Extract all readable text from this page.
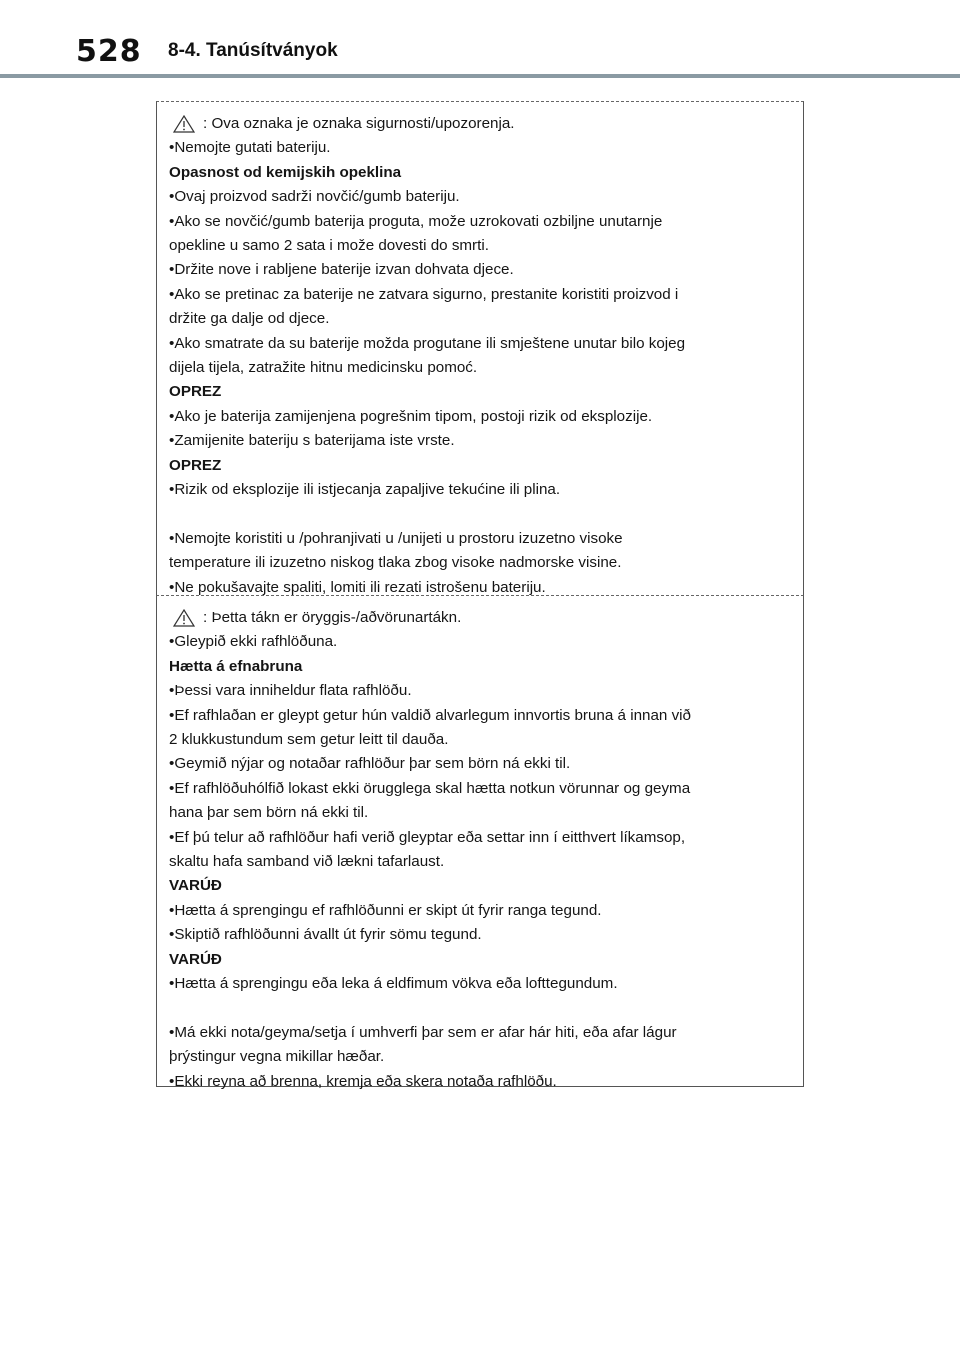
528 8-4. Tanúsítványok
: Ova oznaka je oznaka sigurnosti/upozorenja.
•Nemojte gutati bateriju.
Opasnost od kemijskih opeklina
•Ovaj proizvod sadrži novčić/gumb bateriju.
•Ako se novčić/gumb baterija proguta, može uzrokovati ozbiljne unutarnje
opekline u samo 2 sata i može dovesti do smrti.
•Držite nove i rabljene baterije izvan dohvata djece.
•Ako se pretinac za baterije ne zatvara sigurno, prestanite koristiti proizvod i
držite ga dalje od djece.
•Ako smatrate da su baterije možda progutane ili smještene unutar bilo kojeg
dijela tijela, zatražite hitnu medicinsku pomoć.
OPREZ
•Ako je baterija zamijenjena pogrešnim tipom, postoji rizik od eksplozije.
•Zamijenite bateriju s baterijama iste vrste.
OPREZ
•Rizik od eksplozije ili istjecanja zapaljive tekućine ili plina.
•Nemojte koristiti u /pohranjivati u /unijeti u prostoru izuzetno visoke
temperature ili izuzetno niskog tlaka zbog visoke nadmorske visine.
•Ne pokušavajte spaliti, lomiti ili rezati istrošenu bateriju.
: Þetta tákn er öryggis-/aðvörunartákn.
•Gleypið ekki rafhlöðuna.
Hætta á efnabruna
•Þessi vara inniheldur flata rafhlöðu.
•Ef rafhlaðan er gleypt getur hún valdið alvarlegum innvortis bruna á innan við
2 klukkustundum sem getur leitt til dauða.
•Geymið nýjar og notaðar rafhlöður þar sem börn ná ekki til.
•Ef rafhlöðuhólfið lokast ekki örugglega skal hætta notkun vörunnar og geyma
hana þar sem börn ná ekki til.
•Ef þú telur að rafhlöður hafi verið gleyptar eða settar inn í eitthvert líkamsop,
skaltu hafa samband við lækni tafarlaust.
VARÚÐ
•Hætta á sprengingu ef rafhlöðunni er skipt út fyrir ranga tegund.
•Skiptið rafhlöðunni ávallt út fyrir sömu tegund.
VARÚÐ
•Hætta á sprengingu eða leka á eldfimum vökva eða lofttegundum.
•Má ekki nota/geyma/setja í umhverfi þar sem er afar hár hiti, eða afar lágur
þrýstingur vegna mikillar hæðar.
•Ekki reyna að brenna, kremja eða skera notaða rafhlöðu.
